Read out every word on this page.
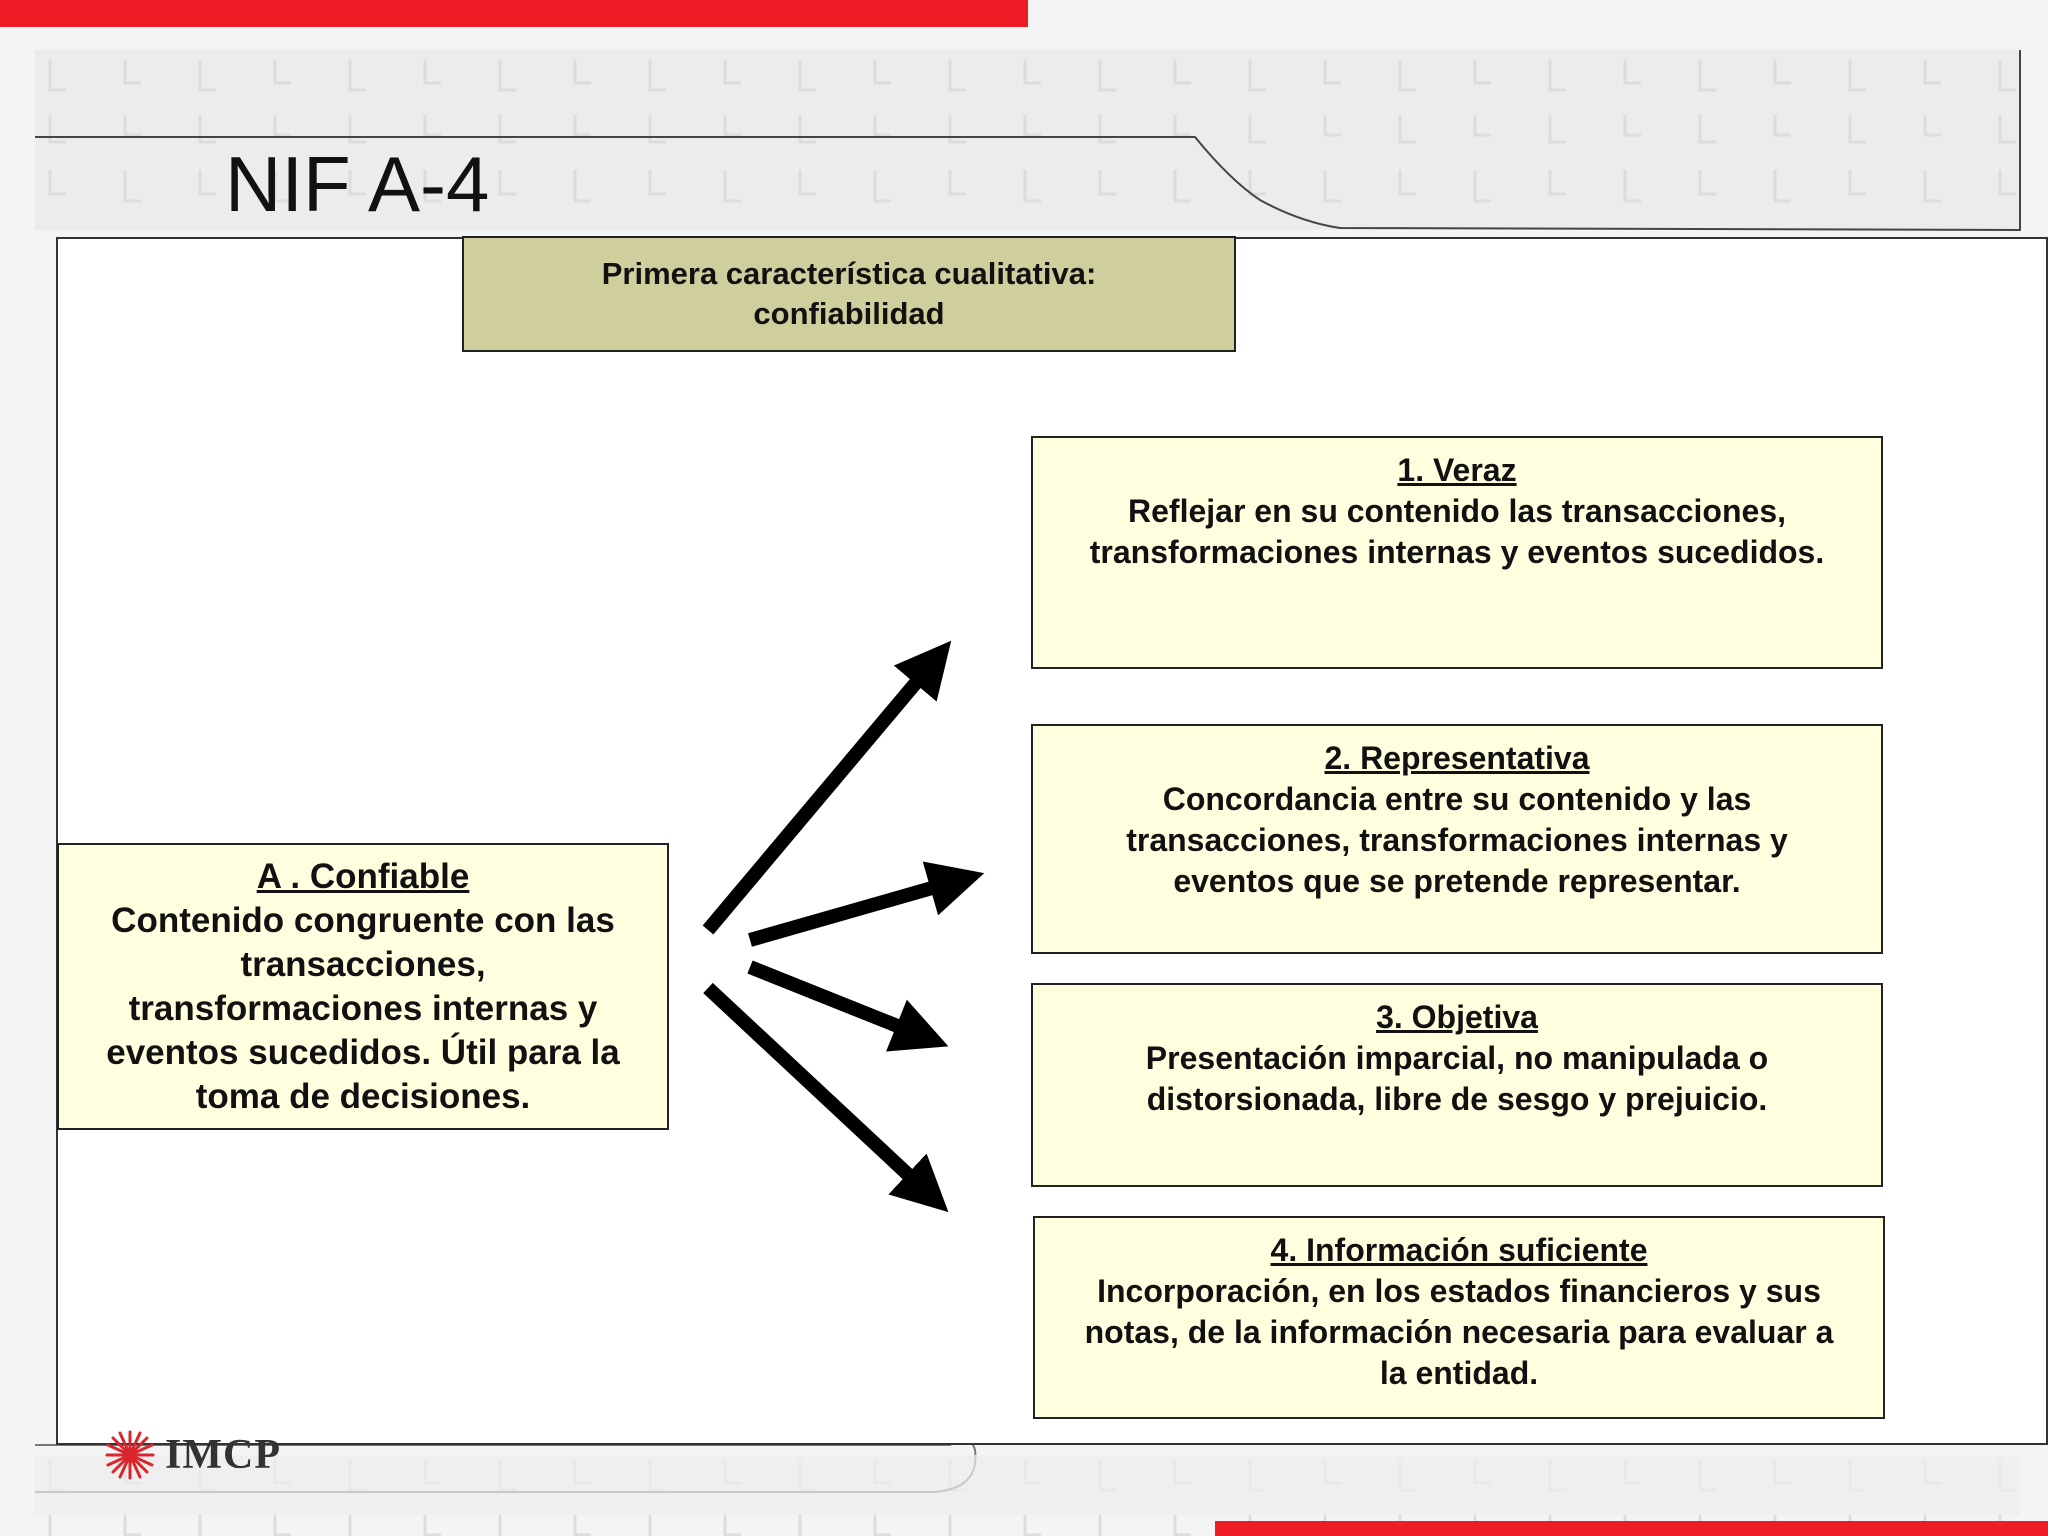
NIF A-4
Primera característica cualitativa:
confiabilidad
A . Confiable
Contenido congruente con las
transacciones,
transformaciones internas y
eventos sucedidos. Útil para la
toma de decisiones.
1. Veraz
Reflejar en su contenido las transacciones,
transformaciones internas y eventos sucedidos.
2. Representativa
Concordancia entre su contenido y las
transacciones, transformaciones internas y
eventos que se pretende representar.
3. Objetiva
Presentación imparcial, no manipulada o
distorsionada, libre de sesgo y prejuicio.
4. Información suficiente
Incorporación, en los estados financieros y sus
notas, de la información necesaria para evaluar a
la entidad.
IMCP
